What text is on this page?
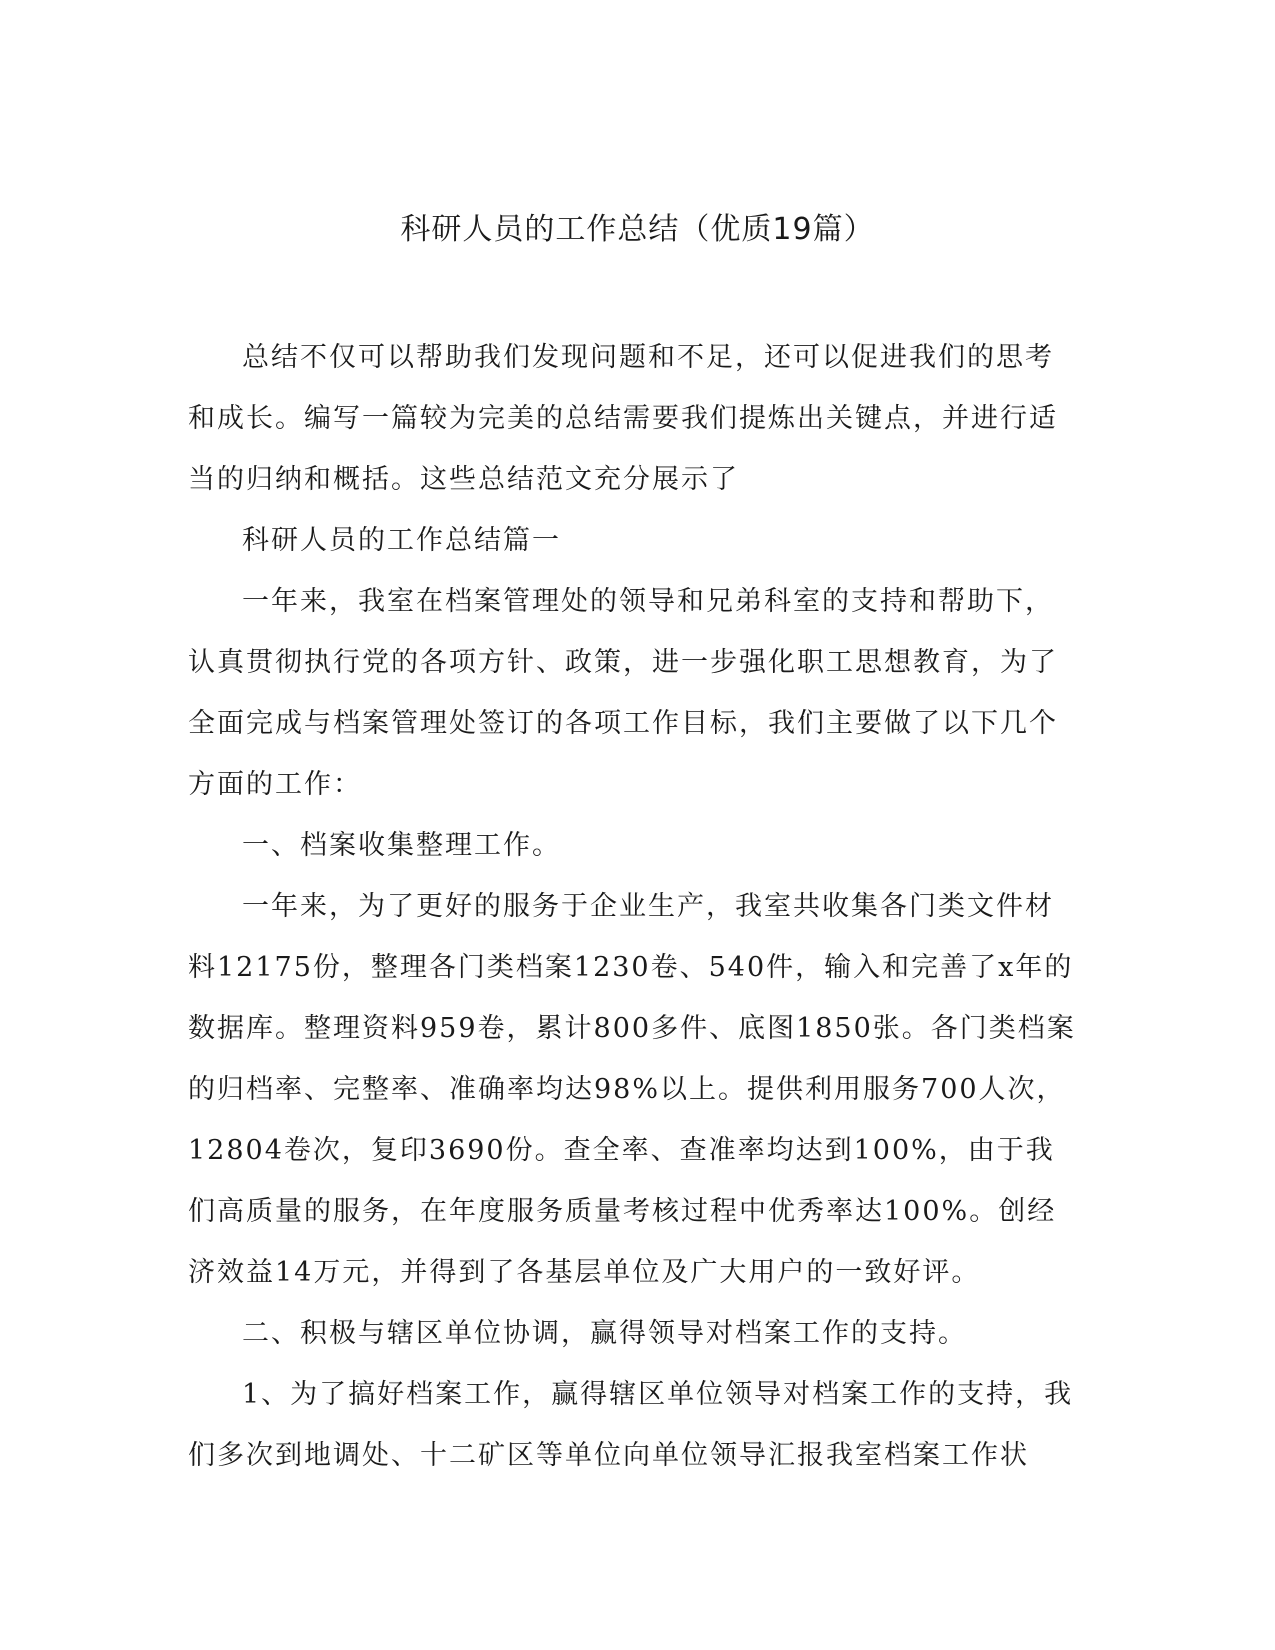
科研人员的工作总结（优质19篇）

总结不仅可以帮助我们发现问题和不足，还可以促进我们的思考和成长。编写一篇较为完美的总结需要我们提炼出关键点，并进行适当的归纳和概括。这些总结范文充分展示了

科研人员的工作总结篇一

一年来，我室在档案管理处的领导和兄弟科室的支持和帮助下，认真贯彻执行党的各项方针、政策，进一步强化职工思想教育，为了全面完成与档案管理处签订的各项工作目标，我们主要做了以下几个方面的工作：

一、档案收集整理工作。

一年来，为了更好的服务于企业生产，我室共收集各门类文件材料12175份，整理各门类档案1230卷、540件，输入和完善了x年的数据库。整理资料959卷，累计800多件、底图1850张。各门类档案的归档率、完整率、准确率均达98%以上。提供利用服务700人次，12804卷次，复印3690份。查全率、查准率均达到100%，由于我们高质量的服务，在年度服务质量考核过程中优秀率达100%。创经济效益14万元，并得到了各基层单位及广大用户的一致好评。

二、积极与辖区单位协调，赢得领导对档案工作的支持。

1、为了搞好档案工作，赢得辖区单位领导对档案工作的支持，我们多次到地调处、十二矿区等单位向单位领导汇报我室档案工作状
